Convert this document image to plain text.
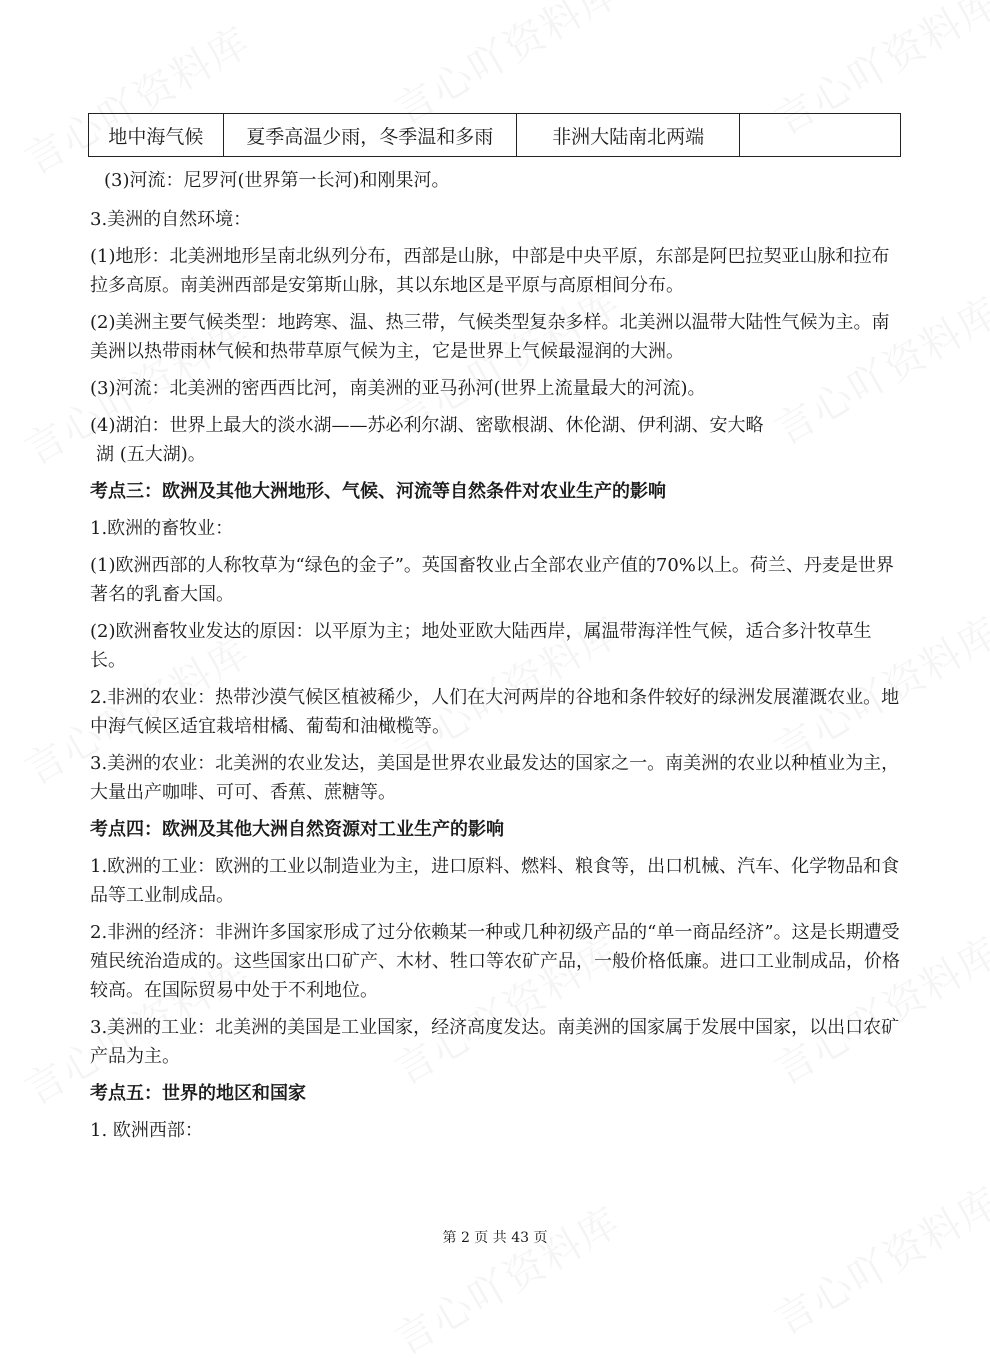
地中海气候	夏季高温少雨，冬季温和多雨	非洲大陆南北两端

(3)河流：尼罗河(世界第一长河)和刚果河。

3.美洲的自然环境：

(1)地形：北美洲地形呈南北纵列分布，西部是山脉，中部是中央平原，东部是阿巴拉契亚山脉和拉布拉多高原。南美洲西部是安第斯山脉，其以东地区是平原与高原相间分布。

(2)美洲主要气候类型：地跨寒、温、热三带，气候类型复杂多样。北美洲以温带大陆性气候为主。南美洲以热带雨林气候和热带草原气候为主，它是世界上气候最湿润的大洲。

(3)河流：北美洲的密西西比河，南美洲的亚马孙河(世界上流量最大的河流)。

(4)湖泊：世界上最大的淡水湖——苏必利尔湖、密歇根湖、休伦湖、伊利湖、安大略

湖 (五大湖)。

考点三：欧洲及其他大洲地形、气候、河流等自然条件对农业生产的影响

1.欧洲的畜牧业：

(1)欧洲西部的人称牧草为“绿色的金子”。英国畜牧业占全部农业产值的70%以上。荷兰、丹麦是世界著名的乳畜大国。

(2)欧洲畜牧业发达的原因：以平原为主；地处亚欧大陆西岸，属温带海洋性气候，适合多汁牧草生长。

2.非洲的农业：热带沙漠气候区植被稀少，人们在大河两岸的谷地和条件较好的绿洲发展灌溉农业。地中海气候区适宜栽培柑橘、葡萄和油橄榄等。

3.美洲的农业：北美洲的农业发达，美国是世界农业最发达的国家之一。南美洲的农业以种植业为主，大量出产咖啡、可可、香蕉、蔗糖等。

考点四：欧洲及其他大洲自然资源对工业生产的影响

1.欧洲的工业：欧洲的工业以制造业为主，进口原料、燃料、粮食等，出口机械、汽车、化学物品和食品等工业制成品。

2.非洲的经济：非洲许多国家形成了过分依赖某一种或几种初级产品的“单一商品经济”。这是长期遭受殖民统治造成的。这些国家出口矿产、木材、牲口等农矿产品，一般价格低廉。进口工业制成品，价格较高。在国际贸易中处于不利地位。

3.美洲的工业：北美洲的美国是工业国家，经济高度发达。南美洲的国家属于发展中国家，以出口农矿产品为主。

考点五：世界的地区和国家

1. 欧洲西部：

第 2 页 共 43 页
